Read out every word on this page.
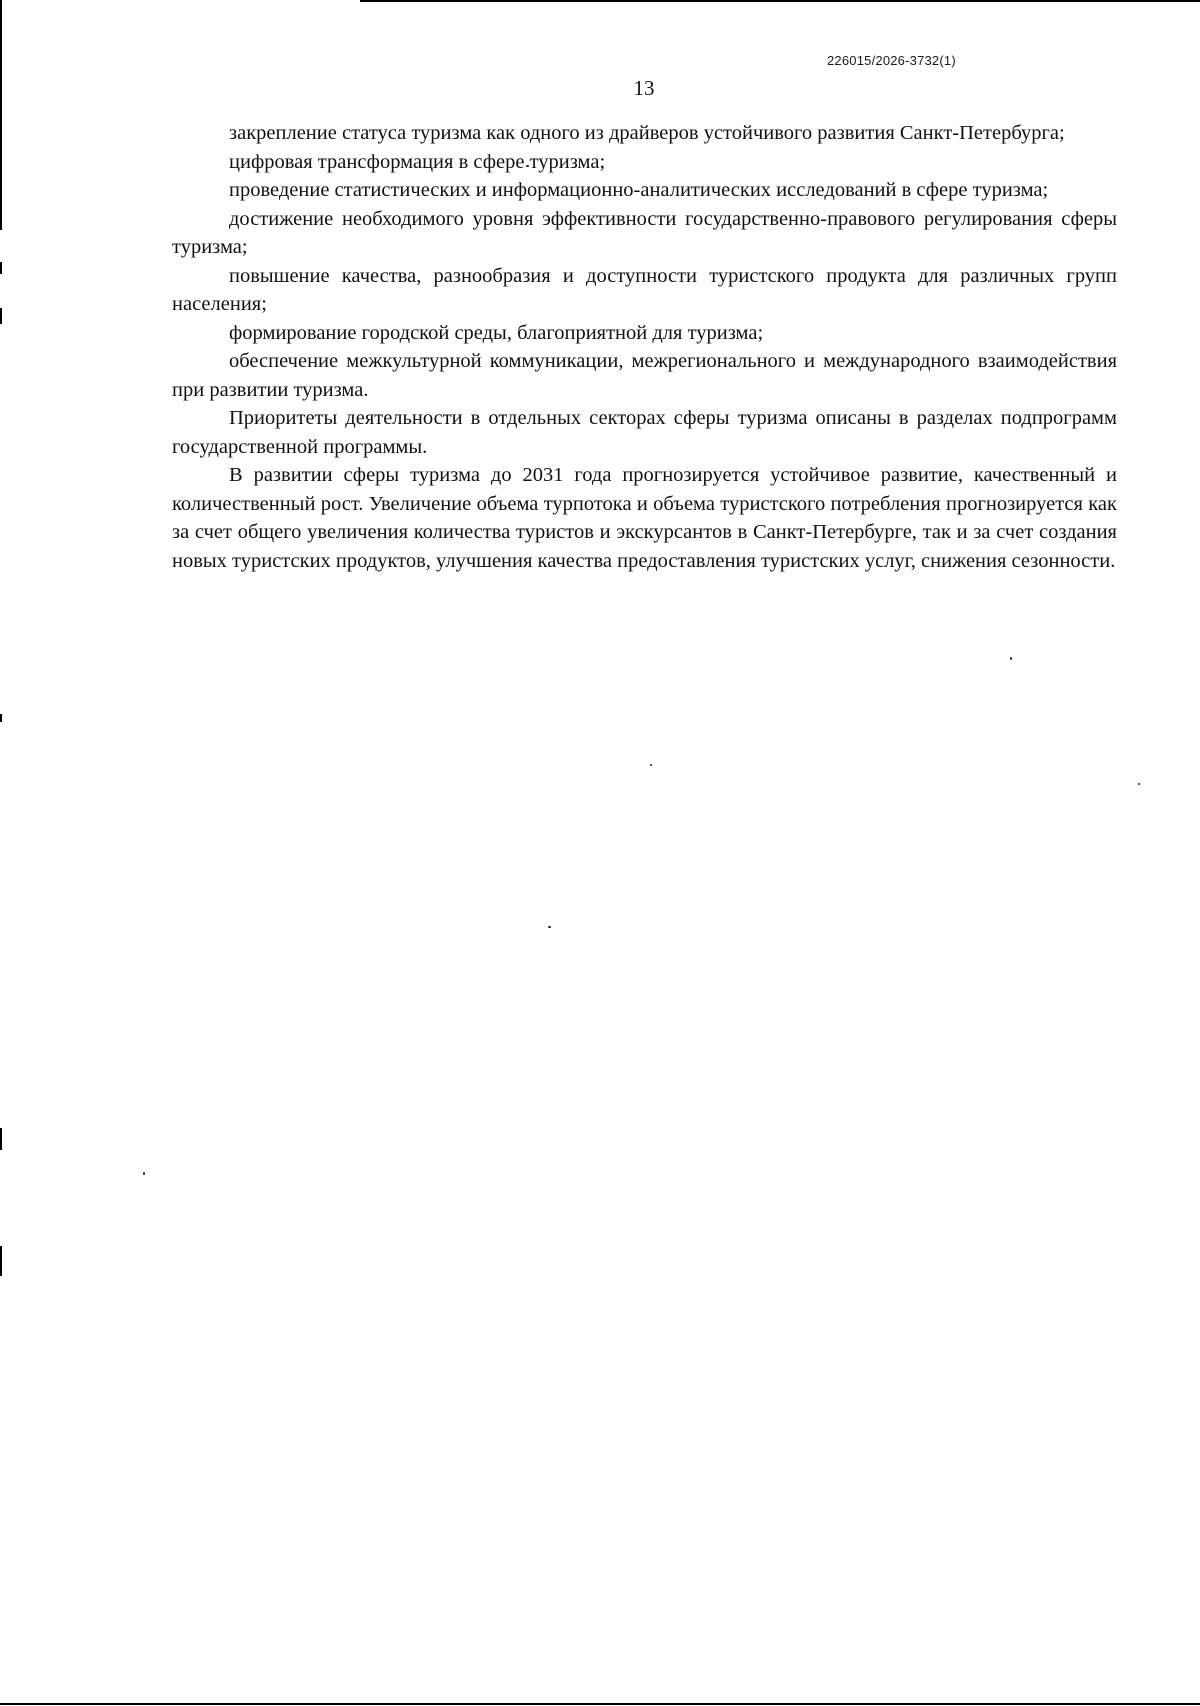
226015/2026-3732(1)
13

закрепление статуса туризма как одного из драйверов устойчивого развития Санкт-Петербурга;

цифровая трансформация в сфере туризма;

проведение статистических и информационно-аналитических исследований в сфере туризма;

достижение необходимого уровня эффективности государственно-правового регулирования сферы туризма;

повышение качества, разнообразия и доступности туристского продукта для различных групп населения;

формирование городской среды, благоприятной для туризма;

обеспечение межкультурной коммуникации, межрегионального и международного взаимодействия при развитии туризма.

Приоритеты деятельности в отдельных секторах сферы туризма описаны в разделах подпрограмм государственной программы.

В развитии сферы туризма до 2031 года прогнозируется устойчивое развитие, качественный и количественный рост. Увеличение объема турпотока и объема туристского потребления прогнозируется как за счет общего увеличения количества туристов и экскурсантов в Санкт-Петербурге, так и за счет создания новых туристских продуктов, улучшения качества предоставления туристских услуг, снижения сезонности.
